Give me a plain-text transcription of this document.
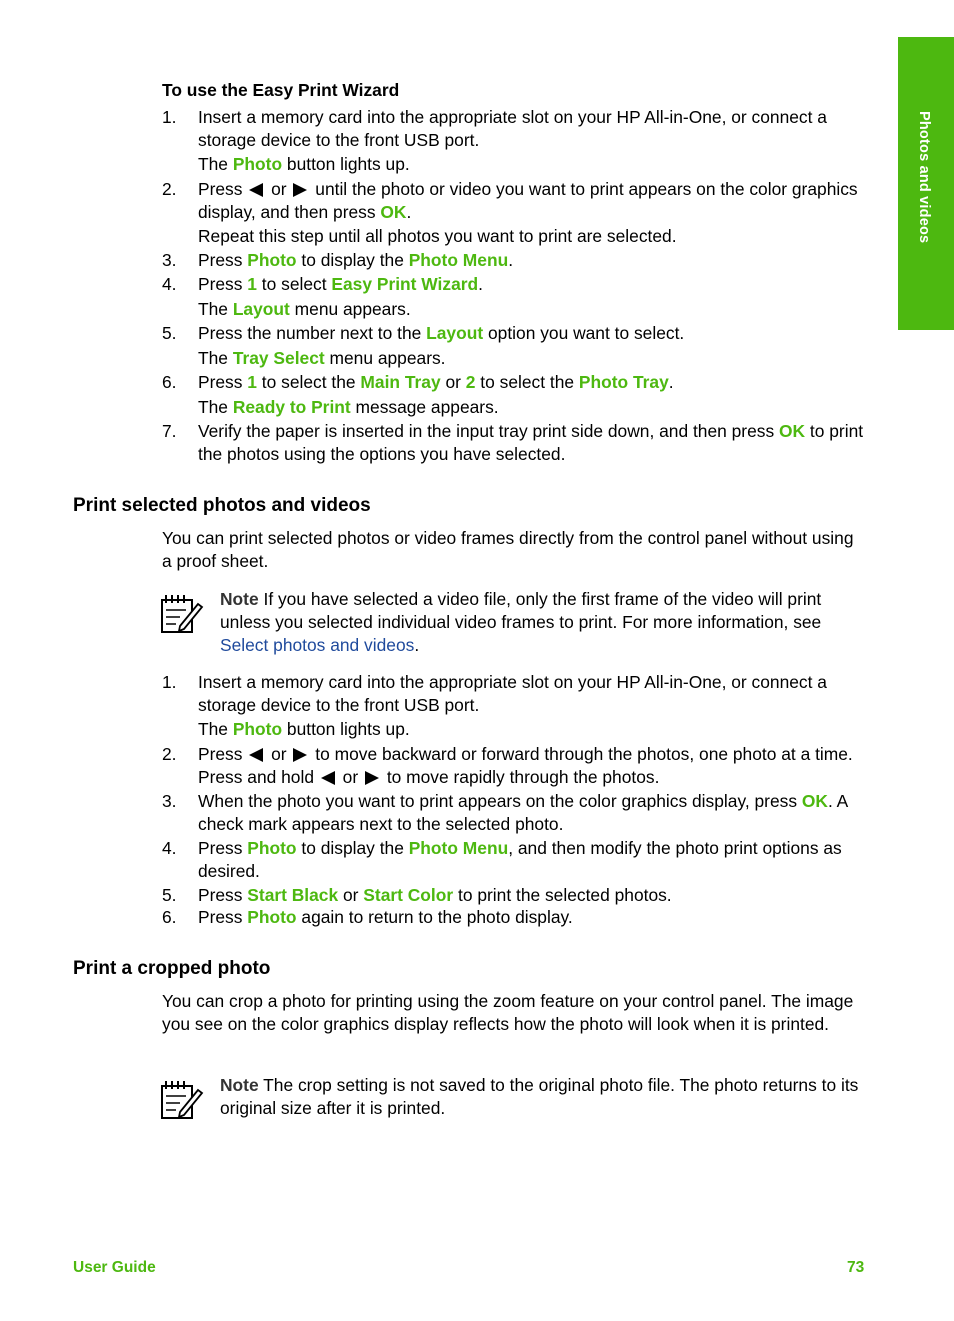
Photos and videos
To use the Easy Print Wizard
1.	Insert a memory card into the appropriate slot on your HP All-in-One, or connect a storage device to the front USB port.
The Photo button lights up.
2.	Press  or  until the photo or video you want to print appears on the color graphics display, and then press OK.
Repeat this step until all photos you want to print are selected.
3.	Press Photo to display the Photo Menu.
4.	Press 1 to select Easy Print Wizard.
The Layout menu appears.
5.	Press the number next to the Layout option you want to select.
The Tray Select menu appears.
6.	Press 1 to select the Main Tray or 2 to select the Photo Tray.
The Ready to Print message appears.
7.	Verify the paper is inserted in the input tray print side down, and then press OK to print the photos using the options you have selected.
Print selected photos and videos
You can print selected photos or video frames directly from the control panel without using a proof sheet.
Note If you have selected a video file, only the first frame of the video will print unless you selected individual video frames to print. For more information, see Select photos and videos.
1.	Insert a memory card into the appropriate slot on your HP All-in-One, or connect a storage device to the front USB port.
The Photo button lights up.
2.	Press  or  to move backward or forward through the photos, one photo at a time. Press and hold  or  to move rapidly through the photos.
3.	When the photo you want to print appears on the color graphics display, press OK. A check mark appears next to the selected photo.
4.	Press Photo to display the Photo Menu, and then modify the photo print options as desired.
5.	Press Start Black or Start Color to print the selected photos.
6.	Press Photo again to return to the photo display.
Print a cropped photo
You can crop a photo for printing using the zoom feature on your control panel. The image you see on the color graphics display reflects how the photo will look when it is printed.
Note The crop setting is not saved to the original photo file. The photo returns to its original size after it is printed.
User Guide	73
